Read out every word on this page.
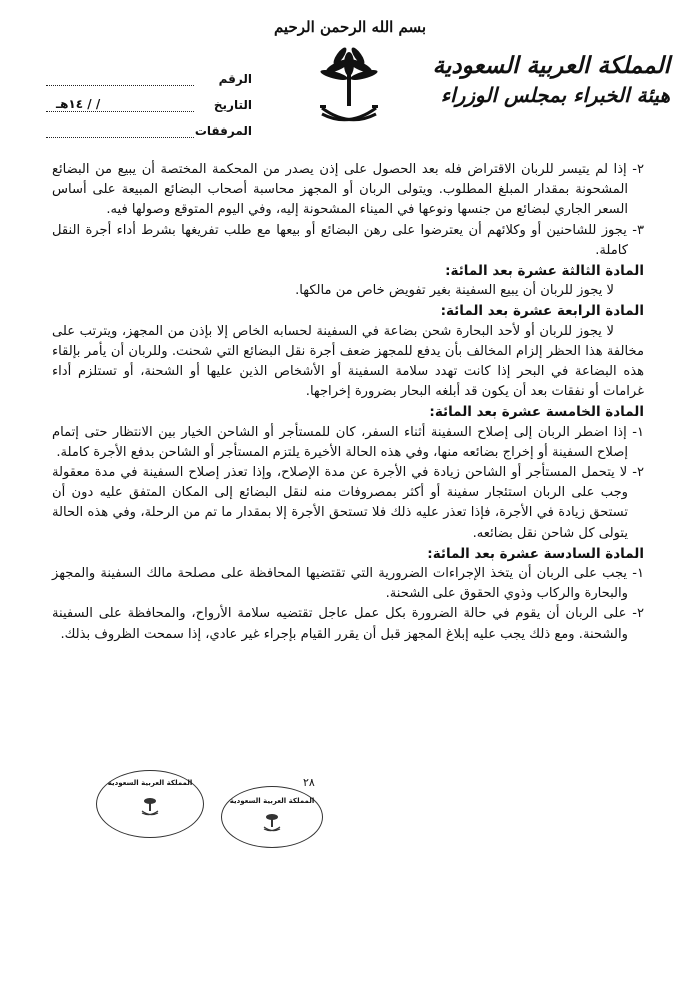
بسم الله الرحمن الرحيم
المملكة العربية السعودية
هيئة الخبراء بمجلس الوزراء
الرقم
التاريخ
/ / ١٤هـ
المرفقات

٢- إذا لم يتيسر للربان الاقتراض فله بعد الحصول على إذن يصدر من المحكمة المختصة أن يبيع من البضائع المشحونة بمقدار المبلغ المطلوب. ويتولى الربان أو المجهز محاسبة أصحاب البضائع المبيعة على أساس السعر الجاري لبضائع من جنسها ونوعها في الميناء المشحونة إليه، وفي اليوم المتوقع وصولها فيه.

٣- يجوز للشاحنين أو وكلائهم أن يعترضوا على رهن البضائع أو بيعها مع طلب تفريغها بشرط أداء أجرة النقل كاملة.

المادة الثالثة عشرة بعد المائة:

لا يجوز للربان أن يبيع السفينة بغير تفويض خاص من مالكها.

المادة الرابعة عشرة بعد المائة:

لا يجوز للربان أو لأحد البحارة شحن بضاعة في السفينة لحسابه الخاص إلا بإذن من المجهز، ويترتب على مخالفة هذا الحظر إلزام المخالف بأن يدفع للمجهز ضعف أجرة نقل البضائع التي شحنت. وللربان أن يأمر بإلقاء هذه البضاعة في البحر إذا كانت تهدد سلامة السفينة أو الأشخاص الذين عليها أو الشحنة، أو تستلزم أداء غرامات أو نفقات بعد أن يكون قد أبلغه البحار بضرورة إخراجها.

المادة الخامسة عشرة بعد المائة:

١- إذا اضطر الربان إلى إصلاح السفينة أثناء السفر، كان للمستأجر أو الشاحن الخيار بين الانتظار حتى إتمام إصلاح السفينة أو إخراج بضائعه منها، وفي هذه الحالة الأخيرة يلتزم المستأجر أو الشاحن بدفع الأجرة كاملة.

٢- لا يتحمل المستأجر أو الشاحن زيادة في الأجرة عن مدة الإصلاح، وإذا تعذر إصلاح السفينة في مدة معقولة وجب على الربان استئجار سفينة أو أكثر بمصروفات منه لنقل البضائع إلى المكان المتفق عليه دون أن تستحق زيادة في الأجرة، فإذا تعذر عليه ذلك فلا تستحق الأجرة إلا بمقدار ما تم من الرحلة، وفي هذه الحالة يتولى كل شاحن نقل بضائعه.

المادة السادسة عشرة بعد المائة:

١- يجب على الربان أن يتخذ الإجراءات الضرورية التي تقتضيها المحافظة على مصلحة مالك السفينة والمجهز والبحارة والركاب وذوي الحقوق على الشحنة.

٢- على الربان أن يقوم في حالة الضرورة بكل عمل عاجل تقتضيه سلامة الأرواح، والمحافظة على السفينة والشحنة. ومع ذلك يجب عليه إبلاغ المجهز قبل أن يقرر القيام بإجراء غير عادي، إذا سمحت الظروف بذلك.

٢٨
المملكة العربية السعودية
المملكة العربية السعودية
